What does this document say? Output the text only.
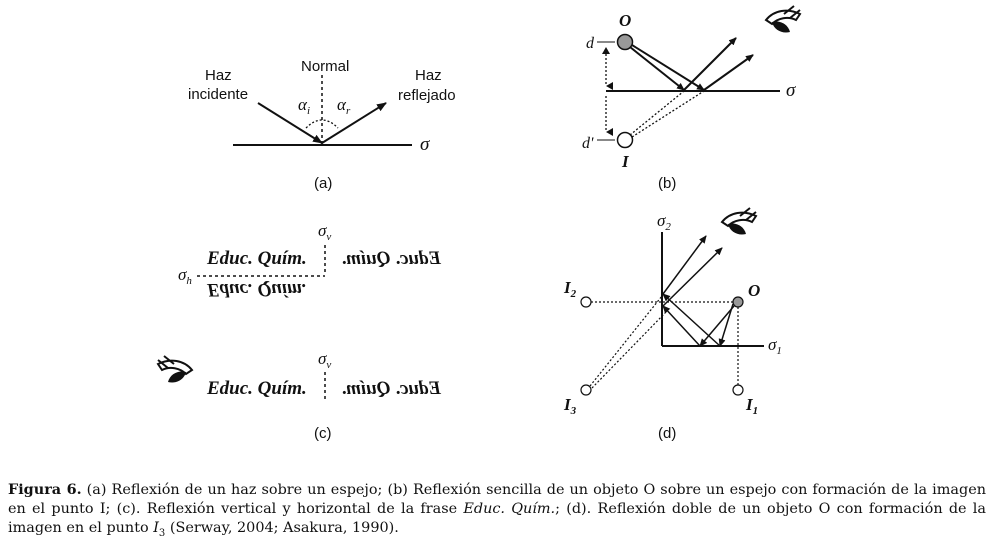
Haz
incidente
Normal
Haz
reflejado
$\alpha_i$ $\alpha_r$
σ
(a)
O
I
d
d'
σ
(b)
Educ. Quím. Educ. Quím.
Educ. Quím.
$\sigma_v$
$\sigma_h$
Educ. Quím. Educ. Quím.
$\sigma_v$
(c)
O
$I_2$
$I_1$
$I_3$
$\sigma_1$
$\sigma_2$
(d)
Figura 6. (a) Reflexión de un haz sobre un espejo; (b) Reflexión sencilla de un objeto O sobre un espejo con formación de la imagen en el punto I; (c). Reflexión vertical y horizontal de la frase Educ. Quím.; (d). Reflexión doble de un objeto O con formación de la imagen en el punto $I_3$ (Serway, 2004; Asakura, 1990).
